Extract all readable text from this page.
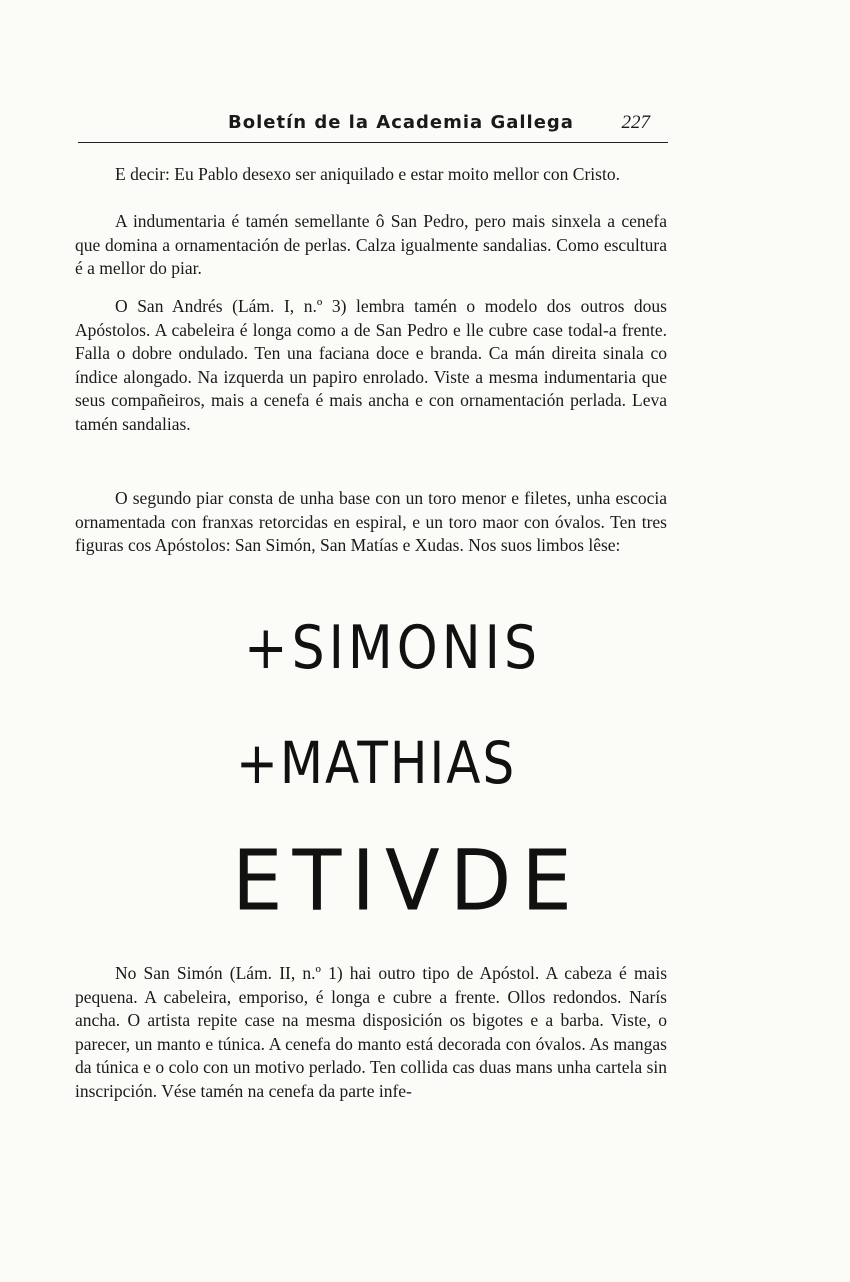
Boletín de la Academia Gallega	227

E decir: Eu Pablo desexo ser aniquilado e estar moito mellor con Cristo.

A indumentaria é tamén semellante ô San Pedro, pero mais sinxela a cenefa que domina a ornamentación de perlas. Calza igualmente sandalias. Como escultura é a mellor do piar.

O San Andrés (Lám. I, n.º 3) lembra tamén o modelo dos outros dous Apóstolos. A cabeleira é longa como a de San Pedro e lle cubre case todal-a frente. Falla o dobre ondulado. Ten una faciana doce e branda. Ca mán direita sinala co índice alongado. Na izquerda un papiro enrolado. Viste a mesma indumentaria que seus compañeiros, mais a cenefa é mais ancha e con ornamentación perlada. Leva tamén sandalias.

O segundo piar consta de unha base con un toro menor e filetes, unha escocia ornamentada con franxas retorcidas en espiral, e un toro maor con óvalos. Ten tres figuras cos Apóstolos: San Simón, San Matías e Xudas. Nos suos limbos lêse:

+SIMONIS
+MATHIAS
ETIVDE

No San Simón (Lám. II, n.º 1) hai outro tipo de Apóstol. A cabeza é mais pequena. A cabeleira, emporiso, é longa e cubre a frente. Ollos redondos. Narís ancha. O artista repite case na mesma disposición os bigotes e a barba. Viste, o parecer, un manto e túnica. A cenefa do manto está decorada con óvalos. As mangas da túnica e o colo con un motivo perlado. Ten collida cas duas mans unha cartela sin inscripción. Vése tamén na cenefa da parte infe-
